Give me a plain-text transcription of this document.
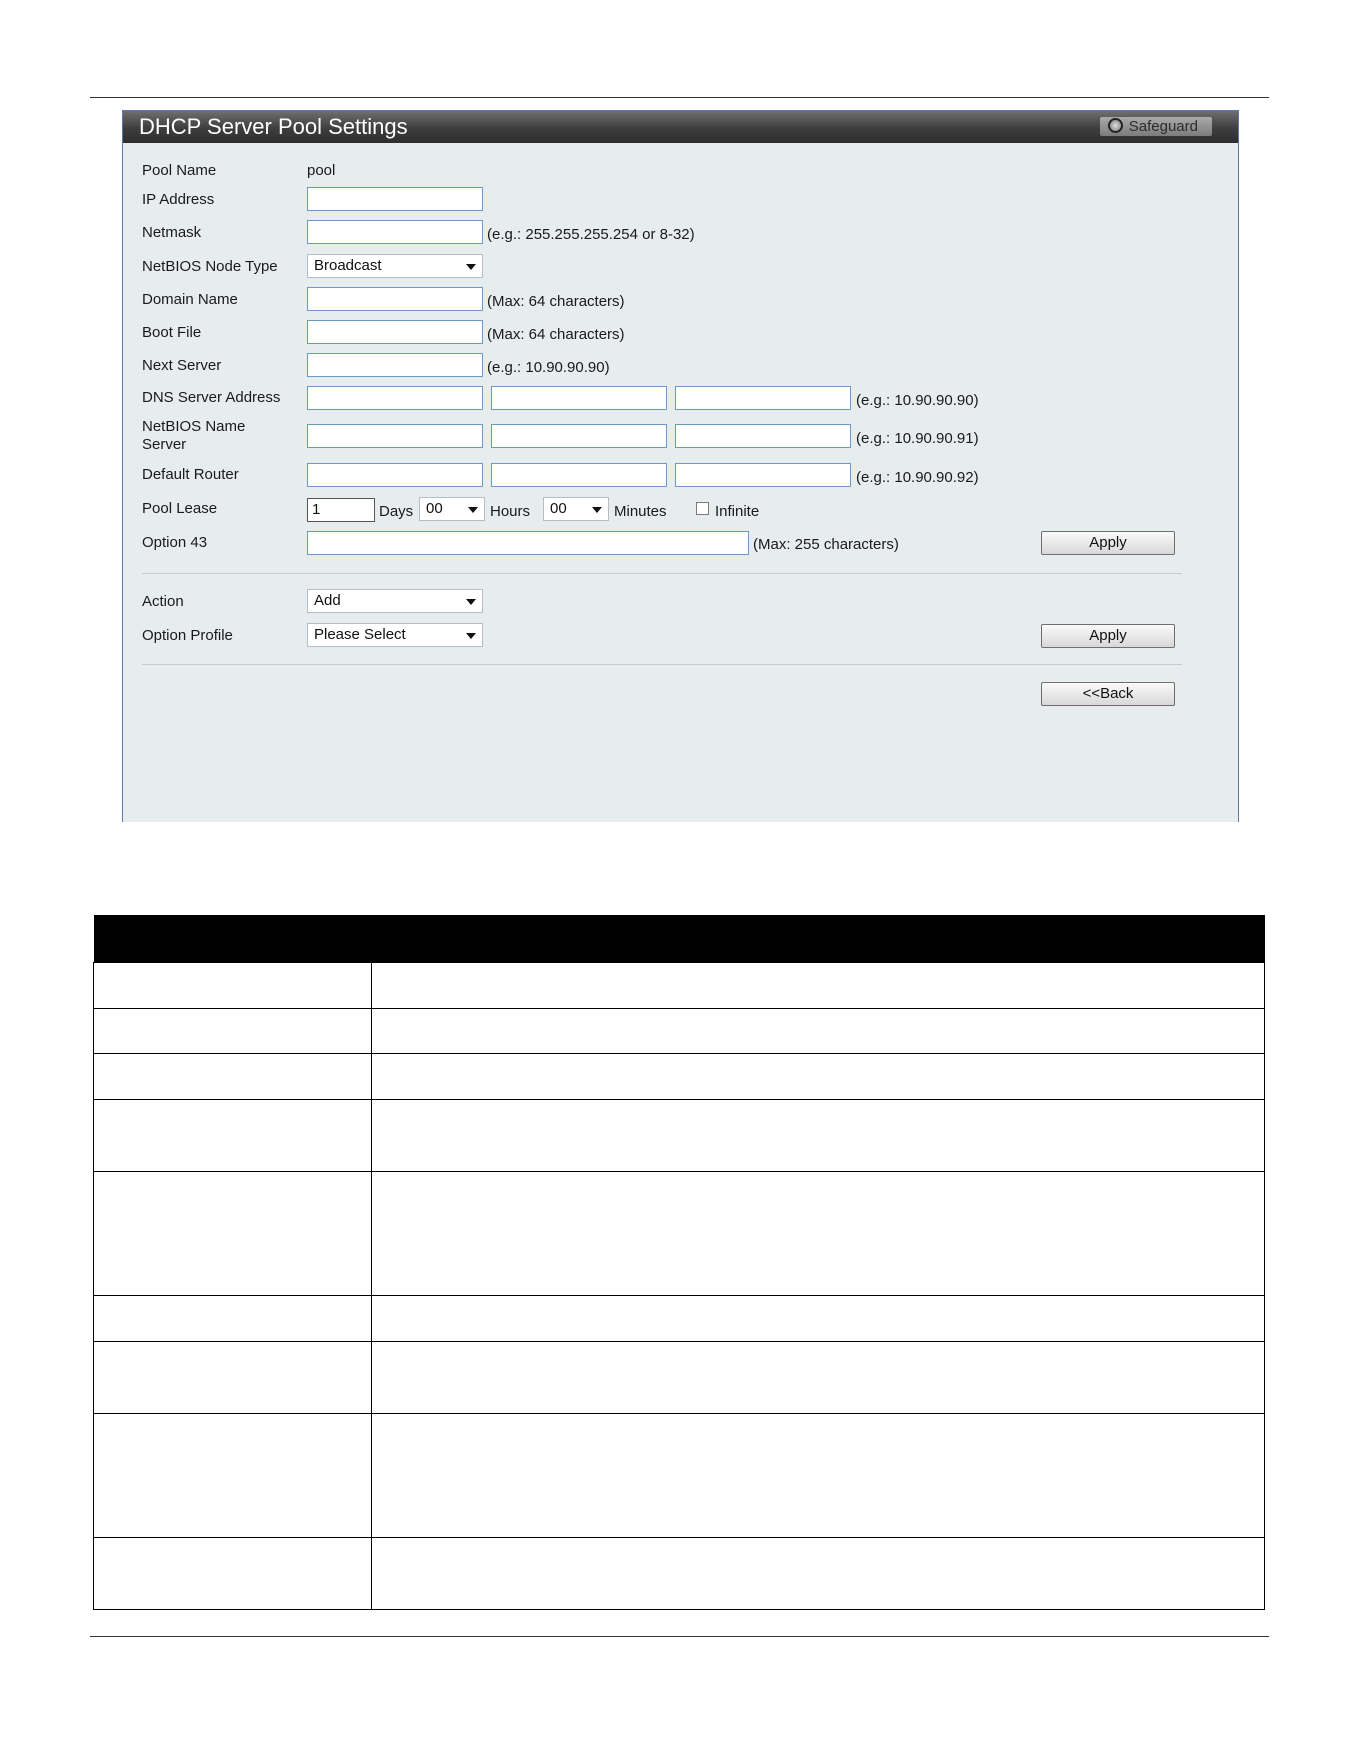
DHCP Server Pool Settings	Safeguard
Pool Name	pool
IP Address
Netmask	(e.g.: 255.255.255.254 or 8-32)
NetBIOS Node Type	Broadcast
Domain Name	(Max: 64 characters)
Boot File	(Max: 64 characters)
Next Server	(e.g.: 10.90.90.90)
DNS Server Address	(e.g.: 10.90.90.90)
NetBIOS Name
Server	(e.g.: 10.90.90.91)
Default Router	(e.g.: 10.90.90.92)
Pool Lease	1	Days 00	Hours	00	Minutes	Infinite
Option 43	(Max: 255 characters)	Apply
Action	Add
Option Profile	Please Select	Apply
<<Back
